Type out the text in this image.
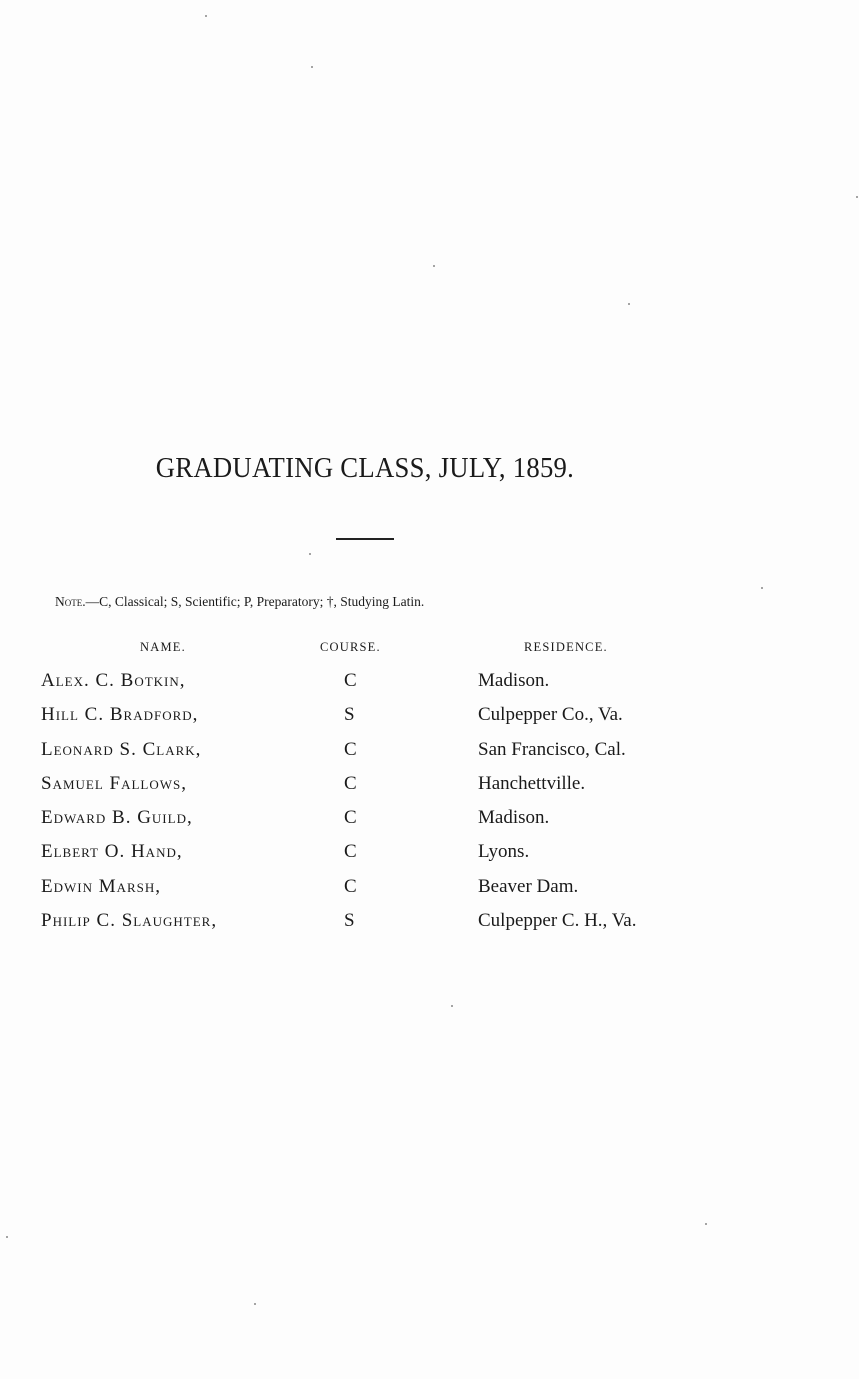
GRADUATING CLASS, JULY, 1859.
Note.—C, Classical; S, Scientific; P, Preparatory; †, Studying Latin.
NAME.	COURSE.	RESIDENCE.
Alex. C. Botkin,	C	Madison.
Hill C. Bradford,	S	Culpepper Co., Va.
Leonard S. Clark,	C	San Francisco, Cal.
Samuel Fallows,	C	Hanchettville.
Edward B. Guild,	C	Madison.
Elbert O. Hand,	C	Lyons.
Edwin Marsh,	C	Beaver Dam.
Philip C. Slaughter,	S	Culpepper C. H., Va.
